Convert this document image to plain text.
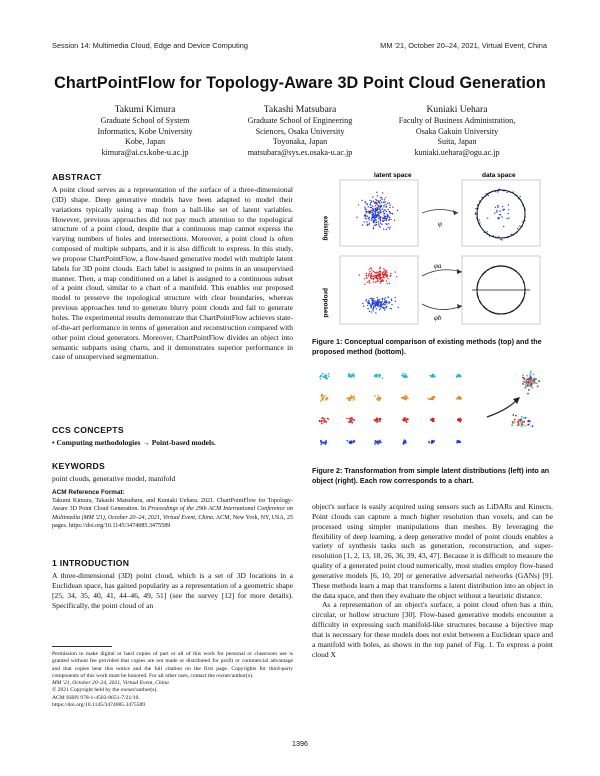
Session 14: Multimedia Cloud, Edge and Device Computing	MM '21, October 20–24, 2021, Virtual Event, China
ChartPointFlow for Topology-Aware 3D Point Cloud Generation
Takumi Kimura
Graduate School of System
Informatics, Kobe University
Kobe, Japan
kimura@ai.cs.kobe-u.ac.jp
Takashi Matsubara
Graduate School of Engineering
Sciences, Osaka University
Toyonaka, Japan
matsubara@sys.es.osaka-u.ac.jp
Kuniaki Uehara
Faculty of Business Administration,
Osaka Gakuin University
Suita, Japan
kuniaki.uehara@ogu.ac.jp
ABSTRACT
A point cloud serves as a representation of the surface of a three-dimensional (3D) shape. Deep generative models have been adapted to model their variations typically using a map from a ball-like set of latent variables. However, previous approaches did not pay much attention to the topological structure of a point cloud, despite that a continuous map cannot express the varying numbers of holes and intersections. Moreover, a point cloud is often composed of multiple subparts, and it is also difficult to express. In this study, we propose ChartPointFlow, a flow-based generative model with multiple latent labels for 3D point clouds. Each label is assigned to points in an unsupervised manner. Then, a map conditioned on a label is assigned to a continuous subset of a point cloud, similar to a chart of a manifold. This enables our proposed model to preserve the topological structure with clear boundaries, whereas previous approaches tend to generate blurry point clouds and fail to generate holes. The experimental results demonstrate that ChartPointFlow achieves state-of-the-art performance in terms of generation and reconstruction compared with other point cloud generators. Moreover, ChartPointFlow divides an object into semantic subparts using charts, and it demonstrates superior performance in case of unsupervised segmentation.
CCS CONCEPTS
• Computing methodologies → Point-based models.
KEYWORDS
point clouds, generative model, manifold
ACM Reference Format:
Takumi Kimura, Takashi Matsubara, and Kuniaki Uehara. 2021. ChartPointFlow for Topology-Aware 3D Point Cloud Generation. In Proceedings of the 29th ACM International Conference on Multimedia (MM '21), October 20–24, 2021, Virtual Event, China. ACM, New York, NY, USA, 25 pages. https://doi.org/10.1145/3474085.3475589
1 INTRODUCTION
A three-dimensional (3D) point cloud, which is a set of 3D locations in a Euclidean space, has gained popularity as a representation of a geometric shape [25, 34, 35, 40, 41, 44–46, 49, 51] (see the survey [12] for more details). Specifically, the point cloud of an
Permission to make digital or hard copies of part or all of this work for personal or classroom use is granted without fee provided that copies are not made or distributed for profit or commercial advantage and that copies bear this notice and the full citation on the first page. Copyrights for third-party components of this work must be honored. For all other uses, contact the owner/author(s).
MM '21, October 20–24, 2021, Virtual Event, China
© 2021 Copyright held by the owner/author(s).
ACM ISBN 978-1-4503-8651-7/21/10.
https://doi.org/10.1145/3474085.3475589
latent space	data space
existing
proposed
φ
φa
φb
Figure 1: Conceptual comparison of existing methods (top) and the proposed method (bottom).
Figure 2: Transformation from simple latent distributions (left) into an object (right). Each row corresponds to a chart.

object's surface is easily acquired using sensors such as LiDARs and Kinects. Point clouds can capture a much higher resolution than voxels, and can be processed using simpler manipulations than meshes. By leveraging the flexibility of deep learning, a deep generative model of point clouds enables a variety of synthesis tasks such as generation, reconstruction, and super-resolution [1, 2, 13, 18, 26, 36, 39, 43, 47]. Because it is difficult to measure the quality of a generated point cloud numerically, most studies employ flow-based generative models [6, 10, 20] or generative adversarial networks (GANs) [9]. These methods learn a map that transforms a latent distribution into an object in the data space, and then they evaluate the object without a heuristic distance.

As a representation of an object's surface, a point cloud often has a thin, circular, or hollow structure [30]. Flow-based generative models encounter a difficulty in expressing such manifold-like structures because a bijective map that is necessary for these models does not exist between a Euclidean space and a manifold with holes, as shown in the top panel of Fig. 1. To express a point cloud X

1396
